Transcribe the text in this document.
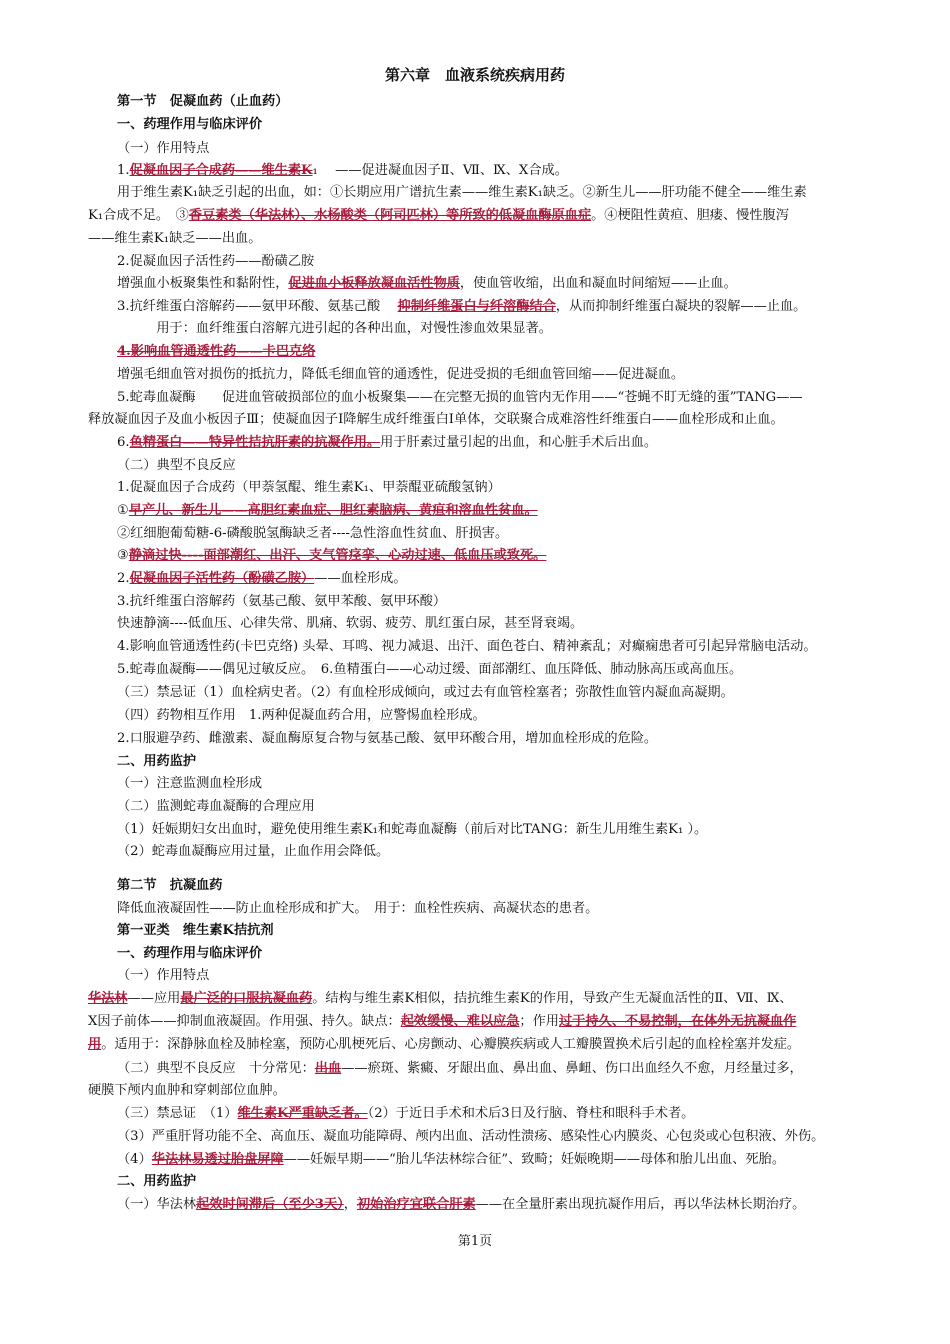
第六章　血液系统疾病用药
第一节　促凝血药（止血药）
一、药理作用与临床评价
（一）作用特点
1.促凝血因子合成药——维生素K₁ 　——促进凝血因子Ⅱ、Ⅶ、Ⅸ、Ⅹ合成。
用于维生素K₁缺乏引起的出血，如：①长期应用广谱抗生素——维生素K₁缺乏。②新生儿——肝功能不健全——维生素
K₁合成不足。　③香豆素类（华法林）、水杨酸类（阿司匹林）等所致的低凝血酶原血症。④梗阻性黄疸、胆瘘、慢性腹泻
——维生素K₁缺乏——出血。
2.促凝血因子活性药——酚磺乙胺
增强血小板聚集性和黏附性，促进血小板释放凝血活性物质，使血管收缩，出血和凝血时间缩短——止血。
3.抗纤维蛋白溶解药——氨甲环酸、氨基己酸　 抑制纤维蛋白与纤溶酶结合，从而抑制纤维蛋白凝块的裂解——止血。
　　用于：血纤维蛋白溶解亢进引起的各种出血，对慢性渗血效果显著。
4.影响血管通透性药——卡巴克络
增强毛细血管对损伤的抵抗力，降低毛细血管的通透性，促进受损的毛细血管回缩——促进凝血。
5.蛇毒血凝酶　　促进血管破损部位的血小板聚集——在完整无损的血管内无作用——“苍蝇不盯无缝的蛋”TANG——
释放凝血因子及血小板因子Ⅲ；使凝血因子Ⅰ降解生成纤维蛋白Ⅰ单体，交联聚合成难溶性纤维蛋白——血栓形成和止血。
6.鱼精蛋白——特异性拮抗肝素的抗凝作用。用于肝素过量引起的出血，和心脏手术后出血。
（二）典型不良反应
1.促凝血因子合成药（甲萘氢醌、维生素K₁、甲萘醌亚硫酸氢钠）
①早产儿、新生儿——高胆红素血症、胆红素脑病、黄疸和溶血性贫血。
②红细胞葡萄糖-6-磷酸脱氢酶缺乏者----急性溶血性贫血、肝损害。
③静滴过快----面部潮红、出汗、支气管痉挛、心动过速、低血压或致死。
2.促凝血因子活性药（酚磺乙胺）——血栓形成。
3.抗纤维蛋白溶解药（氨基己酸、氨甲苯酸、氨甲环酸）
快速静滴----低血压、心律失常、肌痛、软弱、疲劳、肌红蛋白尿，甚至肾衰竭。
4.影响血管通透性药(卡巴克络) 头晕、耳鸣、视力减退、出汗、面色苍白、精神紊乱；对癫痫患者可引起异常脑电活动。
5.蛇毒血凝酶——偶见过敏反应。　6.鱼精蛋白——心动过缓、面部潮红、血压降低、肺动脉高压或高血压。
（三）禁忌证（1）血栓病史者。（2）有血栓形成倾向，或过去有血管栓塞者；弥散性血管内凝血高凝期。
（四）药物相互作用　1.两种促凝血药合用，应警惕血栓形成。
2.口服避孕药、雌激素、凝血酶原复合物与氨基己酸、氨甲环酸合用，增加血栓形成的危险。
二、用药监护
（一）注意监测血栓形成
（二）监测蛇毒血凝酶的合理应用
（1）妊娠期妇女出血时，避免使用维生素K₁和蛇毒血凝酶（前后对比TANG：新生儿用维生素K₁ ）。
（2）蛇毒血凝酶应用过量，止血作用会降低。
第二节　抗凝血药
降低血液凝固性——防止血栓形成和扩大。　用于：血栓性疾病、高凝状态的患者。
第一亚类　维生素K拮抗剂
一、药理作用与临床评价
（一）作用特点
华法林——应用最广泛的口服抗凝血药。结构与维生素K相似，拮抗维生素K的作用，导致产生无凝血活性的Ⅱ、Ⅶ、Ⅸ、
Ⅹ因子前体——抑制血液凝固。作用强、持久。缺点：起效缓慢、难以应急；作用过于持久、不易控制，在体外无抗凝血作
用。适用于：深静脉血栓及肺栓塞，预防心肌梗死后、心房颤动、心瓣膜疾病或人工瓣膜置换术后引起的血栓栓塞并发症。
（二）典型不良反应　十分常见：出血——瘀斑、紫癜、牙龈出血、鼻出血、鼻衄、伤口出血经久不愈，月经量过多，
硬膜下颅内血肿和穿刺部位血肿。
（三）禁忌证　（1）维生素K严重缺乏者。（2）于近日手术和术后3日及行脑、脊柱和眼科手术者。
（3）严重肝肾功能不全、高血压、凝血功能障碍、颅内出血、活动性溃疡、感染性心内膜炎、心包炎或心包积液、外伤。
（4）华法林易透过胎盘屏障——妊娠早期——“胎儿华法林综合征”、致畸；妊娠晚期——母体和胎儿出血、死胎。
二、用药监护
（一）华法林起效时间滞后（至少3天），初始治疗宜联合肝素——在全量肝素出现抗凝作用后，再以华法林长期治疗。
第1页
